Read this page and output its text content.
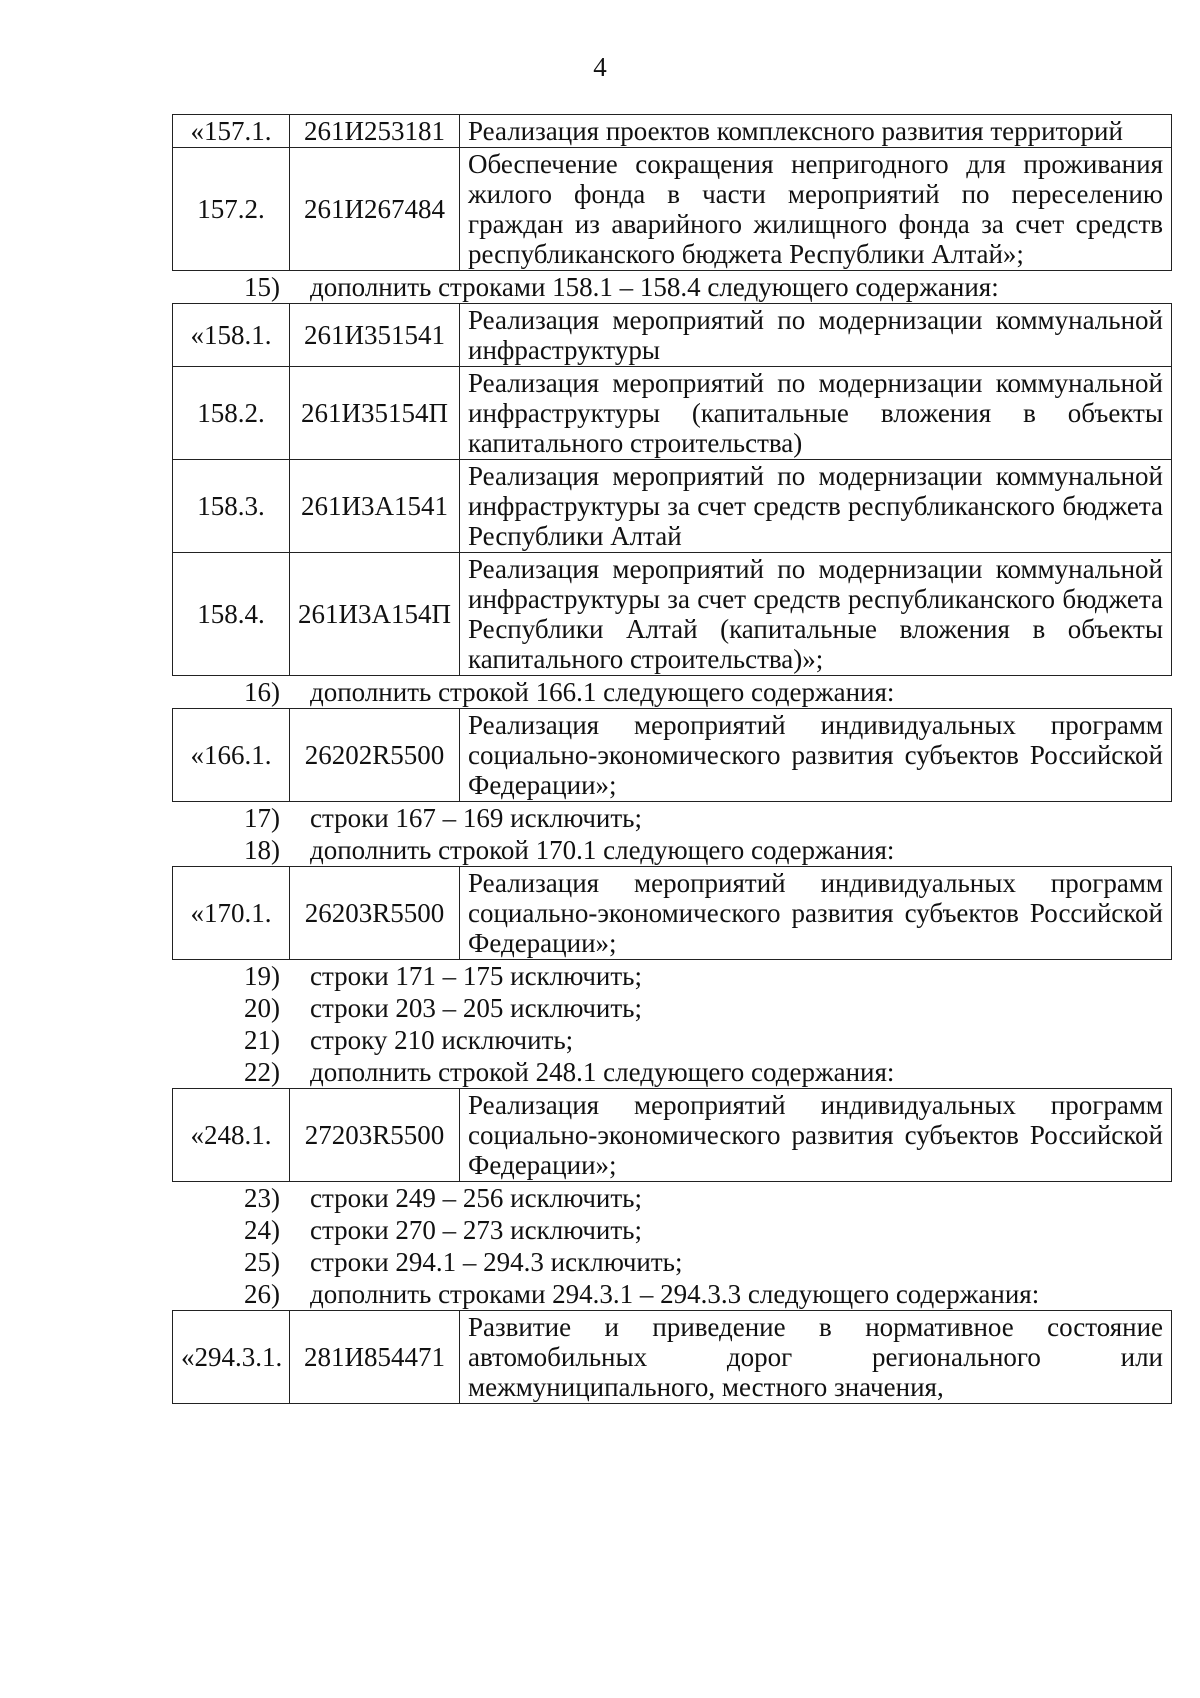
4
«157.1.	261И253181	Реализация проектов комплексного развития территорий
157.2.	261И267484	Обеспечение сокращения непригодного для проживания жилого фонда в части мероприятий по переселению граждан из аварийного жилищного фонда за счет средств республиканского бюджета Республики Алтай»;
15)	дополнить строками 158.1 – 158.4 следующего содержания:
«158.1.	261И351541	Реализация мероприятий по модернизации коммунальной инфраструктуры
158.2.	261И35154П	Реализация мероприятий по модернизации коммунальной инфраструктуры (капитальные вложения в объекты капитального строительства)
158.3.	261И3А1541	Реализация мероприятий по модернизации коммунальной инфраструктуры за счет средств республиканского бюджета Республики Алтай
158.4.	261И3А154П	Реализация мероприятий по модернизации коммунальной инфраструктуры за счет средств республиканского бюджета Республики Алтай (капитальные вложения в объекты капитального строительства)»;
16)	дополнить строкой 166.1 следующего содержания:
«166.1.	26202R5500	Реализация мероприятий индивидуальных программ социально-экономического развития субъектов Российской Федерации»;
17)	строки 167 – 169 исключить;
18)	дополнить строкой 170.1 следующего содержания:
«170.1.	26203R5500	Реализация мероприятий индивидуальных программ социально-экономического развития субъектов Российской Федерации»;
19)	строки 171 – 175 исключить;
20)	строки 203 – 205 исключить;
21)	строку 210 исключить;
22)	дополнить строкой 248.1 следующего содержания:
«248.1.	27203R5500	Реализация мероприятий индивидуальных программ социально-экономического развития субъектов Российской Федерации»;
23)	строки 249 – 256 исключить;
24)	строки 270 – 273 исключить;
25)	строки 294.1 – 294.3 исключить;
26)	дополнить строками 294.3.1 – 294.3.3 следующего содержания:
«294.3.1.	281И854471	Развитие и приведение в нормативное состояние автомобильных дорог регионального или межмуниципального, местного значения,
